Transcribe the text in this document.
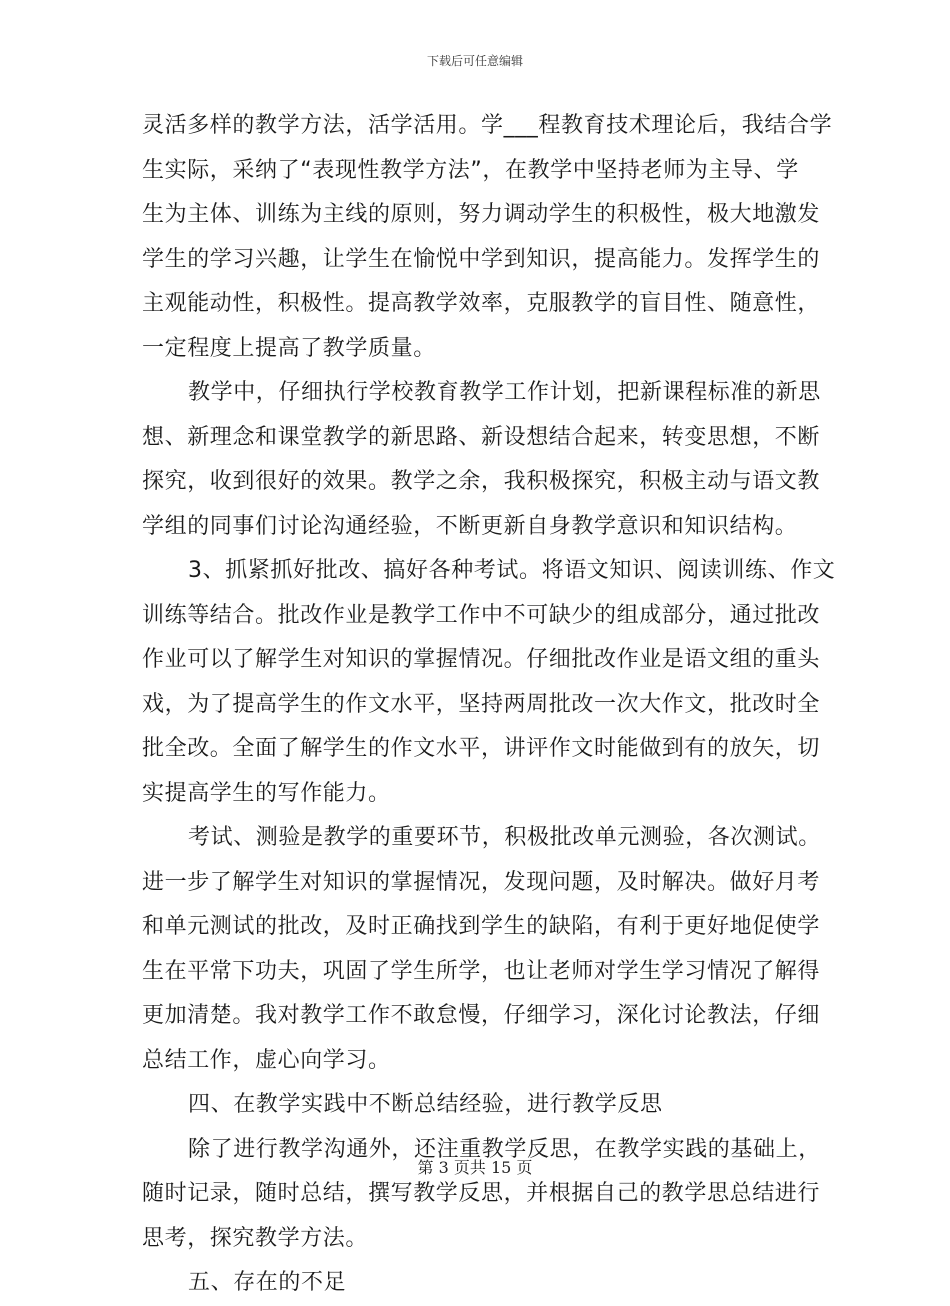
下载后可任意编辑
灵活多样的教学方法，活学活用。学___程教育技术理论后，我结合学
生实际，采纳了“表现性教学方法”，在教学中坚持老师为主导、学
生为主体、训练为主线的原则，努力调动学生的积极性，极大地激发
学生的学习兴趣，让学生在愉悦中学到知识，提高能力。发挥学生的
主观能动性，积极性。提高教学效率，克服教学的盲目性、随意性，
一定程度上提高了教学质量。
教学中，仔细执行学校教育教学工作计划，把新课程标准的新思
想、新理念和课堂教学的新思路、新设想结合起来，转变思想，不断
探究，收到很好的效果。教学之余，我积极探究，积极主动与语文教
学组的同事们讨论沟通经验，不断更新自身教学意识和知识结构。
3、抓紧抓好批改、搞好各种考试。将语文知识、阅读训练、作文
训练等结合。批改作业是教学工作中不可缺少的组成部分，通过批改
作业可以了解学生对知识的掌握情况。仔细批改作业是语文组的重头
戏，为了提高学生的作文水平，坚持两周批改一次大作文，批改时全
批全改。全面了解学生的作文水平，讲评作文时能做到有的放矢，切
实提高学生的写作能力。
考试、测验是教学的重要环节，积极批改单元测验，各次测试。
进一步了解学生对知识的掌握情况，发现问题，及时解决。做好月考
和单元测试的批改，及时正确找到学生的缺陷，有利于更好地促使学
生在平常下功夫，巩固了学生所学，也让老师对学生学习情况了解得
更加清楚。我对教学工作不敢怠慢，仔细学习，深化讨论教法，仔细
总结工作，虚心向学习。
四、在教学实践中不断总结经验，进行教学反思
除了进行教学沟通外，还注重教学反思，在教学实践的基础上，
随时记录，随时总结，撰写教学反思，并根据自己的教学思总结进行
思考，探究教学方法。
五、存在的不足
第 3 页共 15 页
